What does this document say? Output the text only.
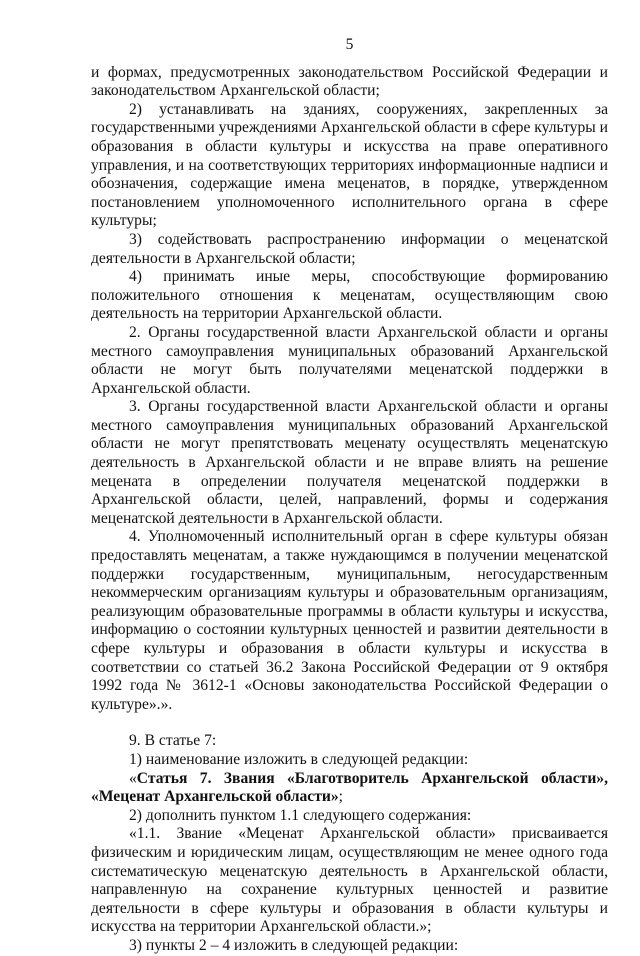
5

и формах, предусмотренных законодательством Российской Федерации и законодательством Архангельской области;

2) устанавливать на зданиях, сооружениях, закрепленных за государственными учреждениями Архангельской области в сфере культуры и образования в области культуры и искусства на праве оперативного управления, и на соответствующих территориях информационные надписи и обозначения, содержащие имена меценатов, в порядке, утвержденном постановлением уполномоченного исполнительного органа в сфере культуры;

3) содействовать распространению информации о меценатской деятельности в Архангельской области;

4) принимать иные меры, способствующие формированию положительного отношения к меценатам, осуществляющим свою деятельность на территории Архангельской области.

2. Органы государственной власти Архангельской области и органы местного самоуправления муниципальных образований Архангельской области не могут быть получателями меценатской поддержки в Архангельской области.

3. Органы государственной власти Архангельской области и органы местного самоуправления муниципальных образований Архангельской области не могут препятствовать меценату осуществлять меценатскую деятельность в Архангельской области и не вправе влиять на решение мецената в определении получателя меценатской поддержки в Архангельской области, целей, направлений, формы и содержания меценатской деятельности в Архангельской области.

4. Уполномоченный исполнительный орган в сфере культуры обязан предоставлять меценатам, а также нуждающимся в получении меценатской поддержки государственным, муниципальным, негосударственным некоммерческим организациям культуры и образовательным организациям, реализующим образовательные программы в области культуры и искусства, информацию о состоянии культурных ценностей и развитии деятельности в сфере культуры и образования в области культуры и искусства в соответствии со статьей 36.2 Закона Российской Федерации от 9 октября 1992 года № 3612-1 «Основы законодательства Российской Федерации о культуре».».

9. В статье 7:

1) наименование изложить в следующей редакции:

«Статья 7. Звания «Благотворитель Архангельской области», «Меценат Архангельской области»;

2) дополнить пунктом 1.1 следующего содержания:

«1.1. Звание «Меценат Архангельской области» присваивается физическим и юридическим лицам, осуществляющим не менее одного года систематическую меценатскую деятельность в Архангельской области, направленную на сохранение культурных ценностей и развитие деятельности в сфере культуры и образования в области культуры и искусства на территории Архангельской области.»;

3) пункты 2 – 4 изложить в следующей редакции:
